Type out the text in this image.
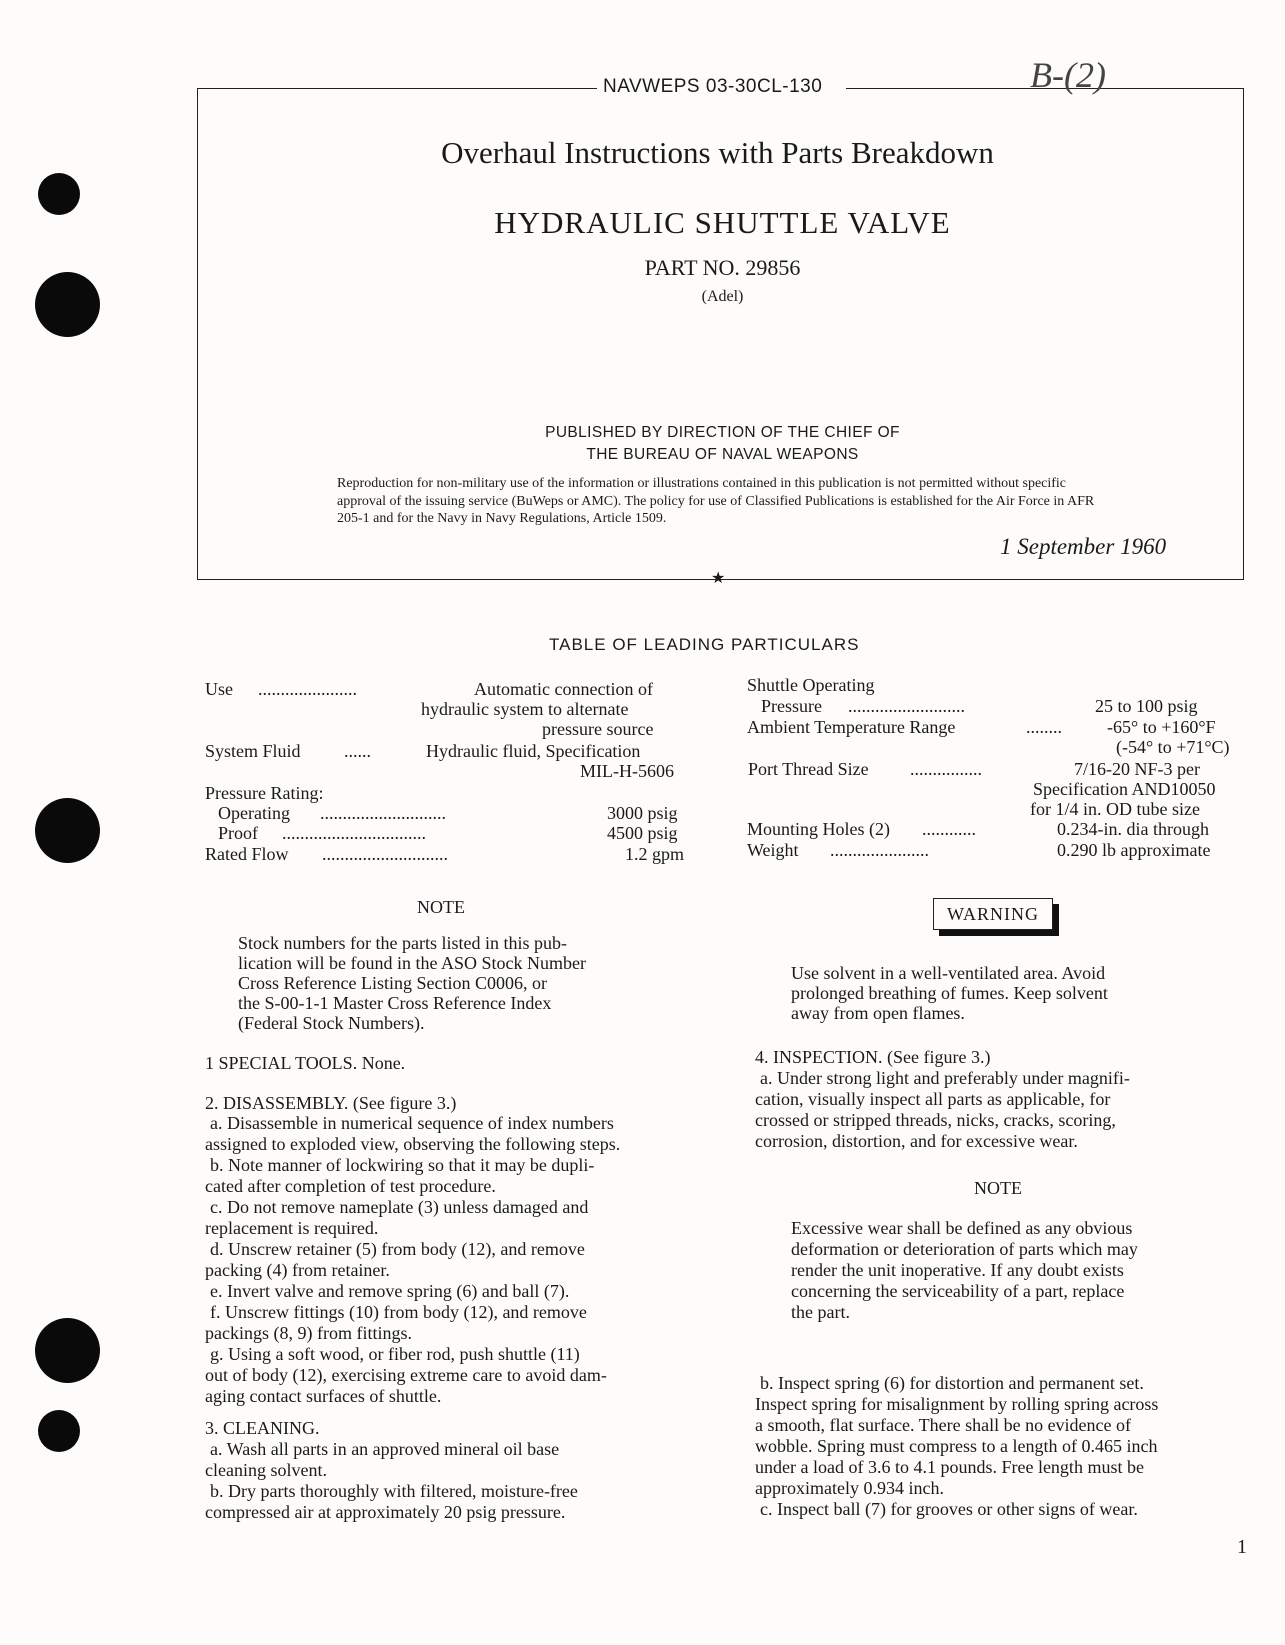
NAVWEPS 03-30CL-130	B-(2)
Overhaul Instructions with Parts Breakdown
HYDRAULIC SHUTTLE VALVE
PART NO. 29856
(Adel)
PUBLISHED BY DIRECTION OF THE CHIEF OF
THE BUREAU OF NAVAL WEAPONS
Reproduction for non-military use of the information or illustrations contained in this publication is not permitted without specific approval of the issuing service (BuWeps or AMC). The policy for use of Classified Publications is established for the Air Force in AFR 205-1 and for the Navy in Navy Regulations, Article 1509.
1 September 1960
★
TABLE OF LEADING PARTICULARS
Use ......................	Automatic connection of
hydraulic system to alternate
pressure source
System Fluid ......	Hydraulic fluid, Specification
MIL-H-5606
Pressure Rating:
Operating ............................	3000 psig
Proof ................................	4500 psig
Rated Flow ............................	1.2 gpm
Shuttle Operating
Pressure ..........................	25 to 100 psig
Ambient Temperature Range	........	-65° to +160°F
(-54° to +71°C)
Port Thread Size ................	7/16-20 NF-3 per
Specification AND10050
for 1/4 in. OD tube size
Mounting Holes (2) ............	0.234-in. dia through
Weight ......................	0.290 lb approximate
NOTE
Stock numbers for the parts listed in this pub-
lication will be found in the ASO Stock Number
Cross Reference Listing Section C0006, or
the S-00-1-1 Master Cross Reference Index
(Federal Stock Numbers).
1 SPECIAL TOOLS. None.
2. DISASSEMBLY. (See figure 3.)
a. Disassemble in numerical sequence of index numbers
assigned to exploded view, observing the following steps.
b. Note manner of lockwiring so that it may be dupli-
cated after completion of test procedure.
c. Do not remove nameplate (3) unless damaged and
replacement is required.
d. Unscrew retainer (5) from body (12), and remove
packing (4) from retainer.
e. Invert valve and remove spring (6) and ball (7).
f. Unscrew fittings (10) from body (12), and remove
packings (8, 9) from fittings.
g. Using a soft wood, or fiber rod, push shuttle (11)
out of body (12), exercising extreme care to avoid dam-
aging contact surfaces of shuttle.
3. CLEANING.
a. Wash all parts in an approved mineral oil base
cleaning solvent.
b. Dry parts thoroughly with filtered, moisture-free
compressed air at approximately 20 psig pressure.
WARNING
Use solvent in a well-ventilated area. Avoid
prolonged breathing of fumes. Keep solvent
away from open flames.
4. INSPECTION. (See figure 3.)
a. Under strong light and preferably under magnifi-
cation, visually inspect all parts as applicable, for
crossed or stripped threads, nicks, cracks, scoring,
corrosion, distortion, and for excessive wear.
NOTE
Excessive wear shall be defined as any obvious
deformation or deterioration of parts which may
render the unit inoperative. If any doubt exists
concerning the serviceability of a part, replace
the part.
b. Inspect spring (6) for distortion and permanent set.
Inspect spring for misalignment by rolling spring across
a smooth, flat surface. There shall be no evidence of
wobble. Spring must compress to a length of 0.465 inch
under a load of 3.6 to 4.1 pounds. Free length must be
approximately 0.934 inch.
c. Inspect ball (7) for grooves or other signs of wear.
1
